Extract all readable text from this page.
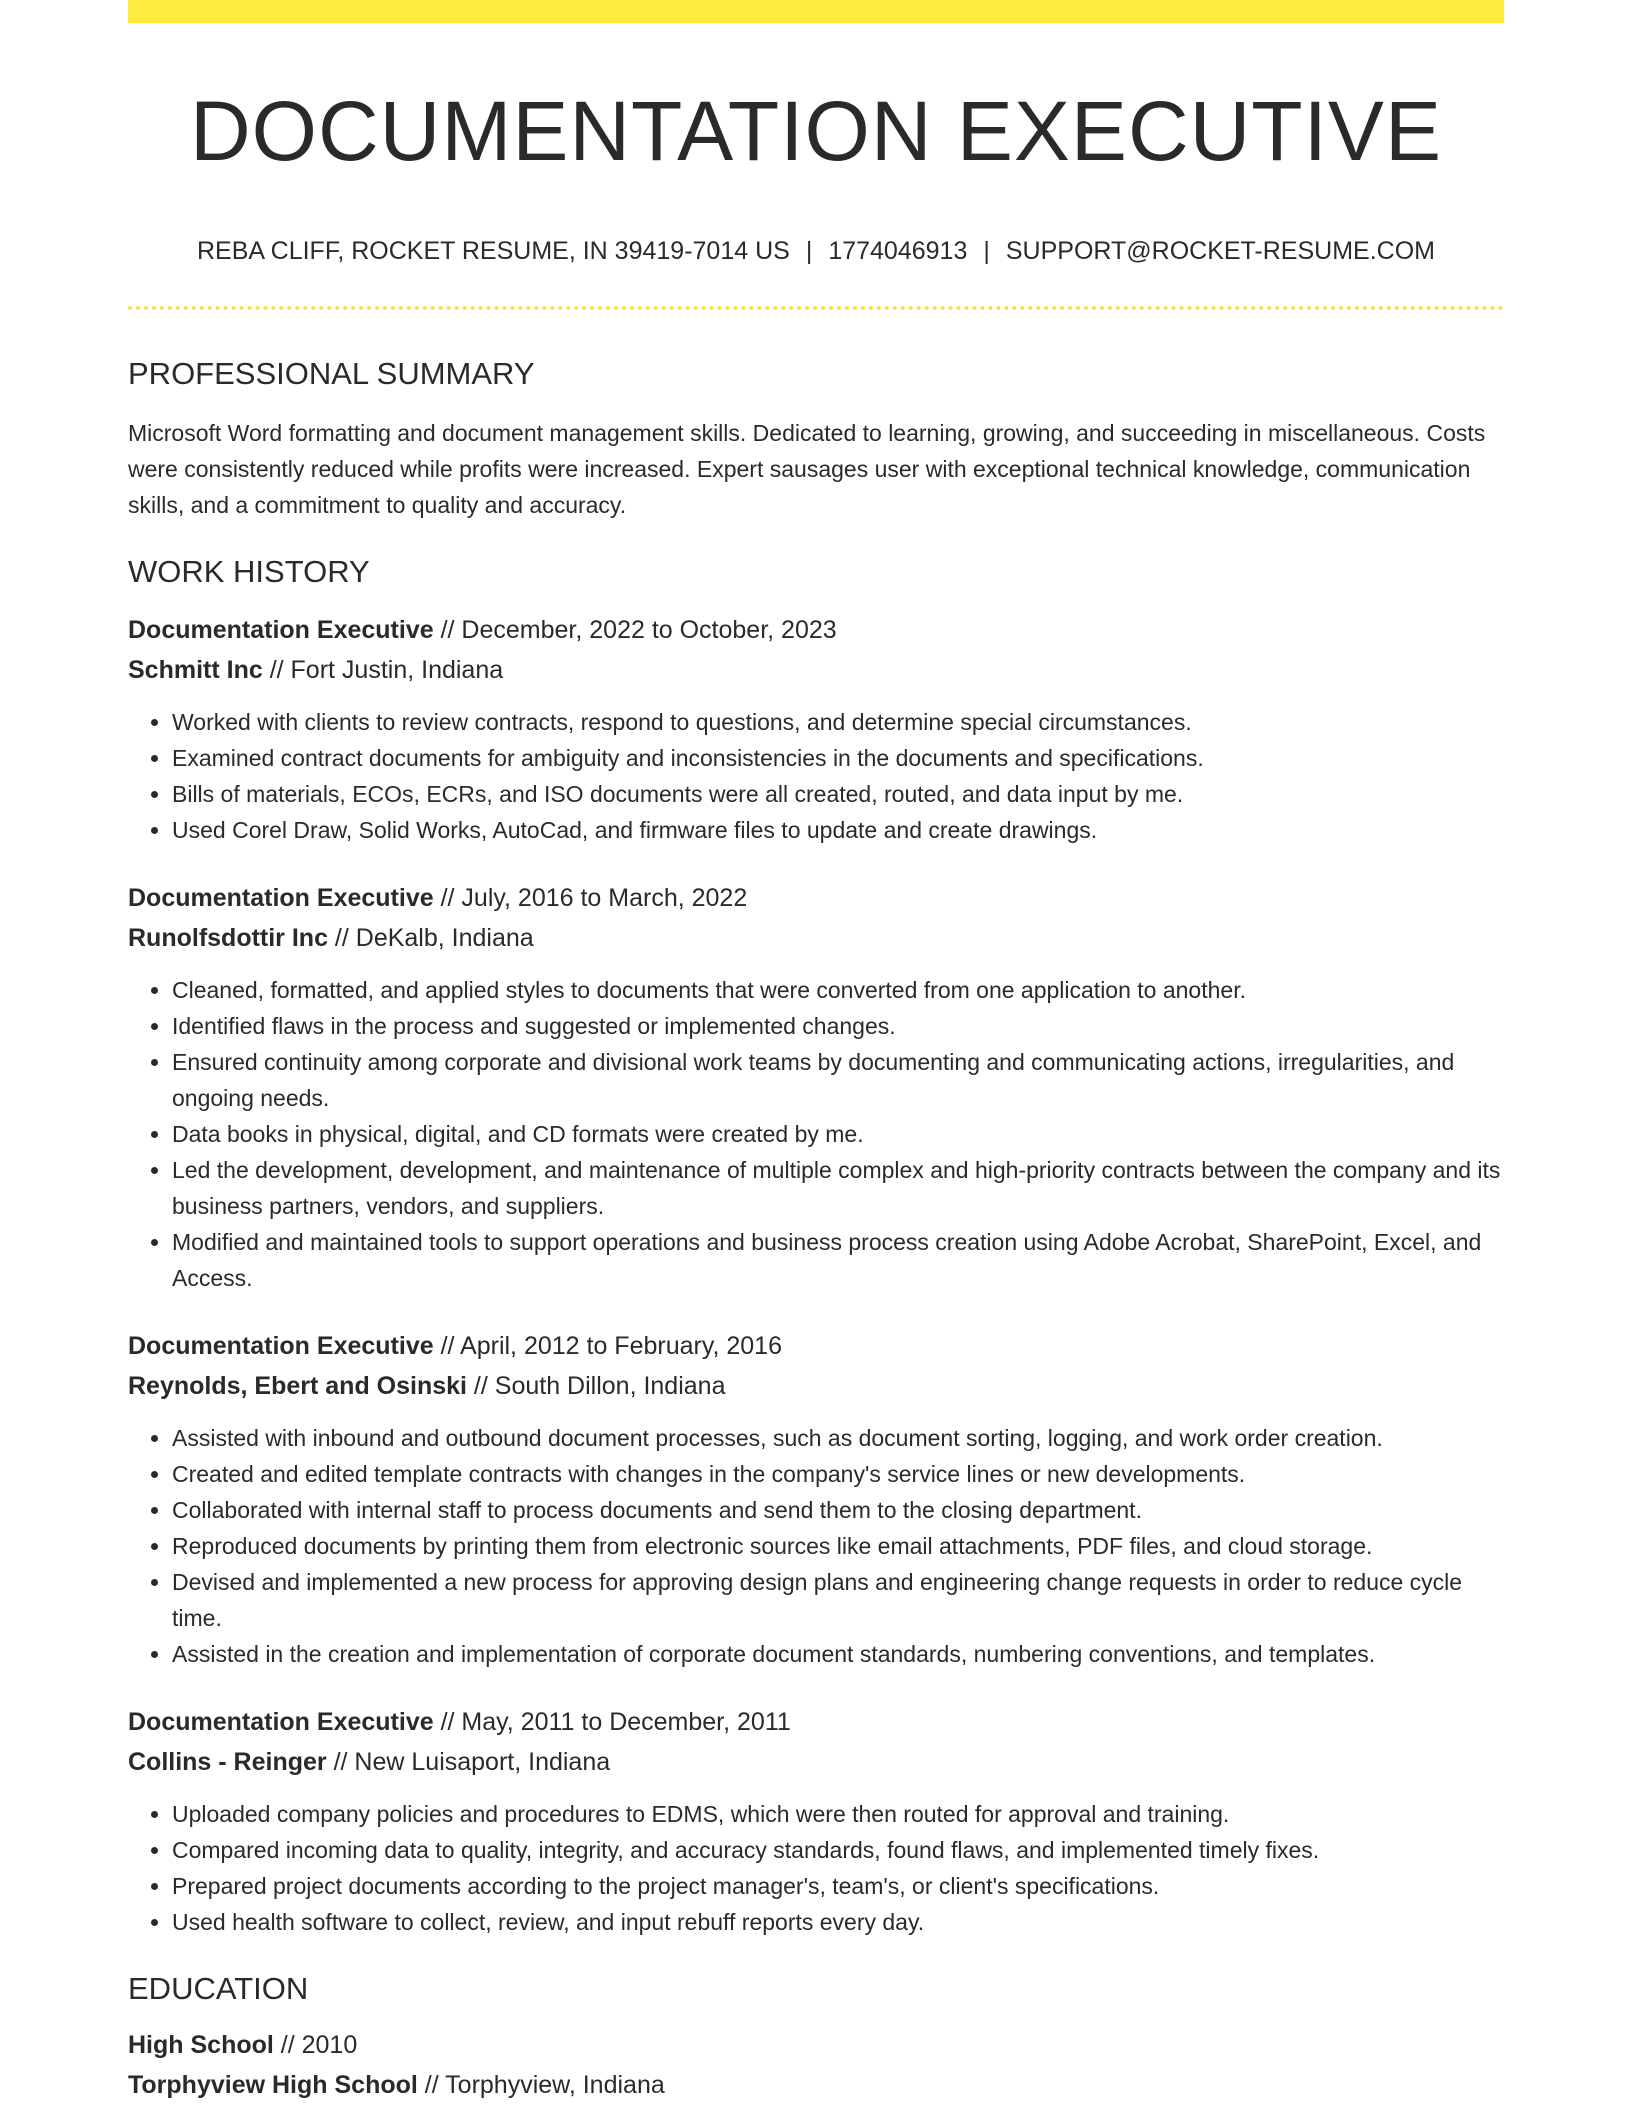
DOCUMENTATION EXECUTIVE
REBA CLIFF, ROCKET RESUME, IN 39419-7014 US | 1774046913 | SUPPORT@ROCKET-RESUME.COM
PROFESSIONAL SUMMARY
Microsoft Word formatting and document management skills. Dedicated to learning, growing, and succeeding in miscellaneous. Costs were consistently reduced while profits were increased. Expert sausages user with exceptional technical knowledge, communication skills, and a commitment to quality and accuracy.
WORK HISTORY
Documentation Executive // December, 2022 to October, 2023
Schmitt Inc // Fort Justin, Indiana
• Worked with clients to review contracts, respond to questions, and determine special circumstances.
• Examined contract documents for ambiguity and inconsistencies in the documents and specifications.
• Bills of materials, ECOs, ECRs, and ISO documents were all created, routed, and data input by me.
• Used Corel Draw, Solid Works, AutoCad, and firmware files to update and create drawings.
Documentation Executive // July, 2016 to March, 2022
Runolfsdottir Inc // DeKalb, Indiana
• Cleaned, formatted, and applied styles to documents that were converted from one application to another.
• Identified flaws in the process and suggested or implemented changes.
• Ensured continuity among corporate and divisional work teams by documenting and communicating actions, irregularities, and ongoing needs.
• Data books in physical, digital, and CD formats were created by me.
• Led the development, development, and maintenance of multiple complex and high-priority contracts between the company and its business partners, vendors, and suppliers.
• Modified and maintained tools to support operations and business process creation using Adobe Acrobat, SharePoint, Excel, and Access.
Documentation Executive // April, 2012 to February, 2016
Reynolds, Ebert and Osinski // South Dillon, Indiana
• Assisted with inbound and outbound document processes, such as document sorting, logging, and work order creation.
• Created and edited template contracts with changes in the company's service lines or new developments.
• Collaborated with internal staff to process documents and send them to the closing department.
• Reproduced documents by printing them from electronic sources like email attachments, PDF files, and cloud storage.
• Devised and implemented a new process for approving design plans and engineering change requests in order to reduce cycle time.
• Assisted in the creation and implementation of corporate document standards, numbering conventions, and templates.
Documentation Executive // May, 2011 to December, 2011
Collins - Reinger // New Luisaport, Indiana
• Uploaded company policies and procedures to EDMS, which were then routed for approval and training.
• Compared incoming data to quality, integrity, and accuracy standards, found flaws, and implemented timely fixes.
• Prepared project documents according to the project manager's, team's, or client's specifications.
• Used health software to collect, review, and input rebuff reports every day.
EDUCATION
High School // 2010
Torphyview High School // Torphyview, Indiana
